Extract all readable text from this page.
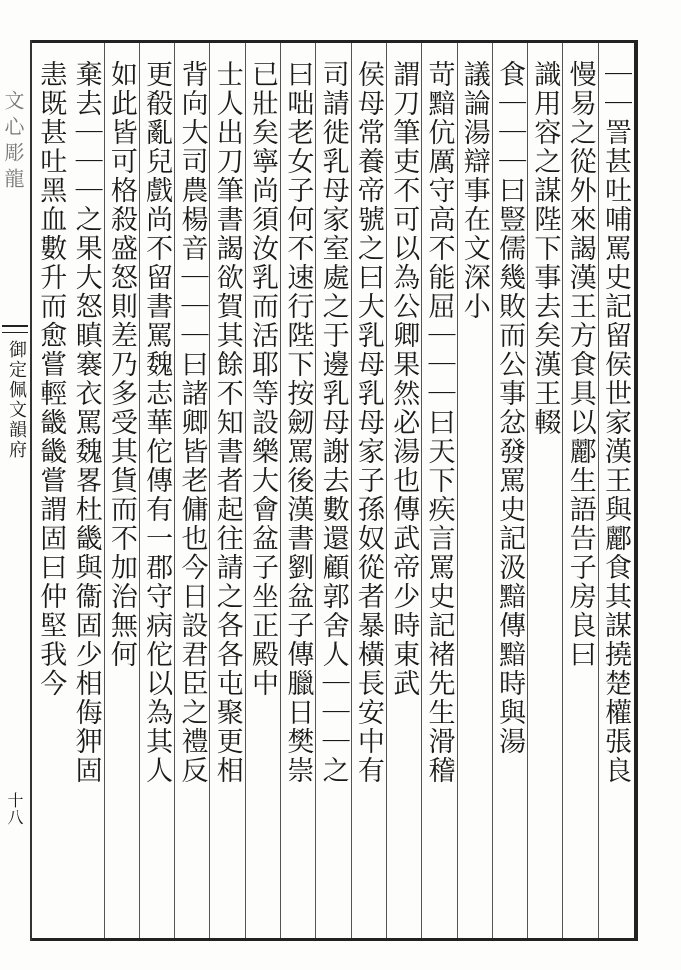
文心彫龍
御定佩文韻府
十八
｜｜詈甚吐哺罵史記留侯世家漢王與酈食其謀撓楚權張良
慢易之從外來謁漢王方食具以酈生語告子房良曰
識用容之謀陛下事去矣漢王輟
食｜｜｜曰豎儒幾敗而公事忿發罵史記汲黯傳黯時與湯
議論湯辯事在文深小
苛黯伉厲守高不能屈｜｜｜曰天下疾言罵史記褚先生滑稽
謂刀筆吏不可以為公卿果然必湯也傳武帝少時東武
侯母常養帝號之曰大乳母乳母家子孫奴從者暴橫長安中有
司請徙乳母家室處之于邊乳母謝去數還顧郭舍人｜｜｜之
曰咄老女子何不速行陛下按劒罵後漢書劉盆子傳臘日樊崇
已壯矣寧尚須汝乳而活耶等設樂大會盆子坐正殿中
士人出刀筆書謁欲賀其餘不知書者起往請之各各屯聚更相
背向大司農楊音｜｜｜曰諸卿皆老傭也今日設君臣之禮反
更殽亂兒戲尚不留書罵魏志華佗傳有一郡守病佗以為其人
如此皆可格殺盛怒則差乃多受其貨而不加治無何
棄去｜｜｜之果大怒瞋褰衣罵魏畧杜畿與衞固少相侮狎固
恚既甚吐黑血數升而愈嘗輕畿畿嘗謂固曰仲堅我今
